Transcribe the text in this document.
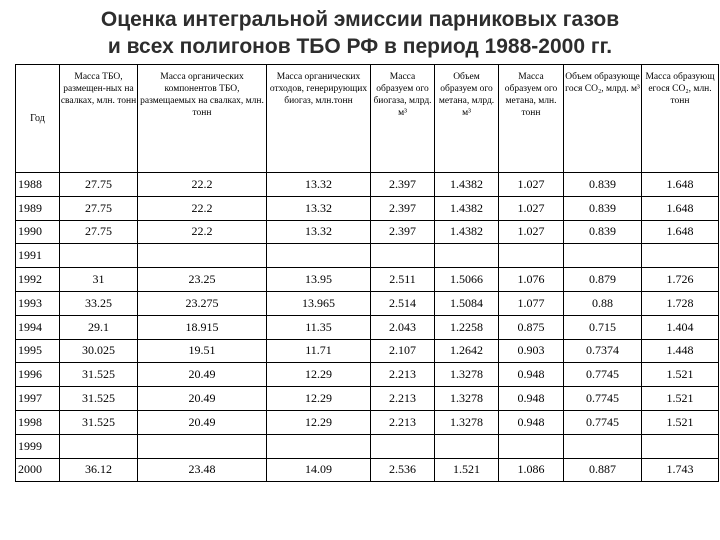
Оценка интегральной эмиссии парниковых газов
и всех полигонов ТБО РФ в период 1988-2000 гг.
Год	Масса ТБО, размещен-ных на свалках, млн. тонн	Масса органических компонентов ТБО, размещаемых на свалках, млн. тонн	Масса органических отходов, генерирующих биогаз, млн.тонн	Масса образуем ого биогаза, млрд. м³	Объем образуем ого метана, млрд. м³	Масса образуем ого метана, млн. тонн	Объем образующе гося CO₂, млрд. м³	Масса образующ егося CO₂, млн. тонн
1988	27.75	22.2	13.32	2.397	1.4382	1.027	0.839	1.648
1989	27.75	22.2	13.32	2.397	1.4382	1.027	0.839	1.648
1990	27.75	22.2	13.32	2.397	1.4382	1.027	0.839	1.648
1991								
1992	31	23.25	13.95	2.511	1.5066	1.076	0.879	1.726
1993	33.25	23.275	13.965	2.514	1.5084	1.077	0.88	1.728
1994	29.1	18.915	11.35	2.043	1.2258	0.875	0.715	1.404
1995	30.025	19.51	11.71	2.107	1.2642	0.903	0.7374	1.448
1996	31.525	20.49	12.29	2.213	1.3278	0.948	0.7745	1.521
1997	31.525	20.49	12.29	2.213	1.3278	0.948	0.7745	1.521
1998	31.525	20.49	12.29	2.213	1.3278	0.948	0.7745	1.521
1999								
2000	36.12	23.48	14.09	2.536	1.521	1.086	0.887	1.743
